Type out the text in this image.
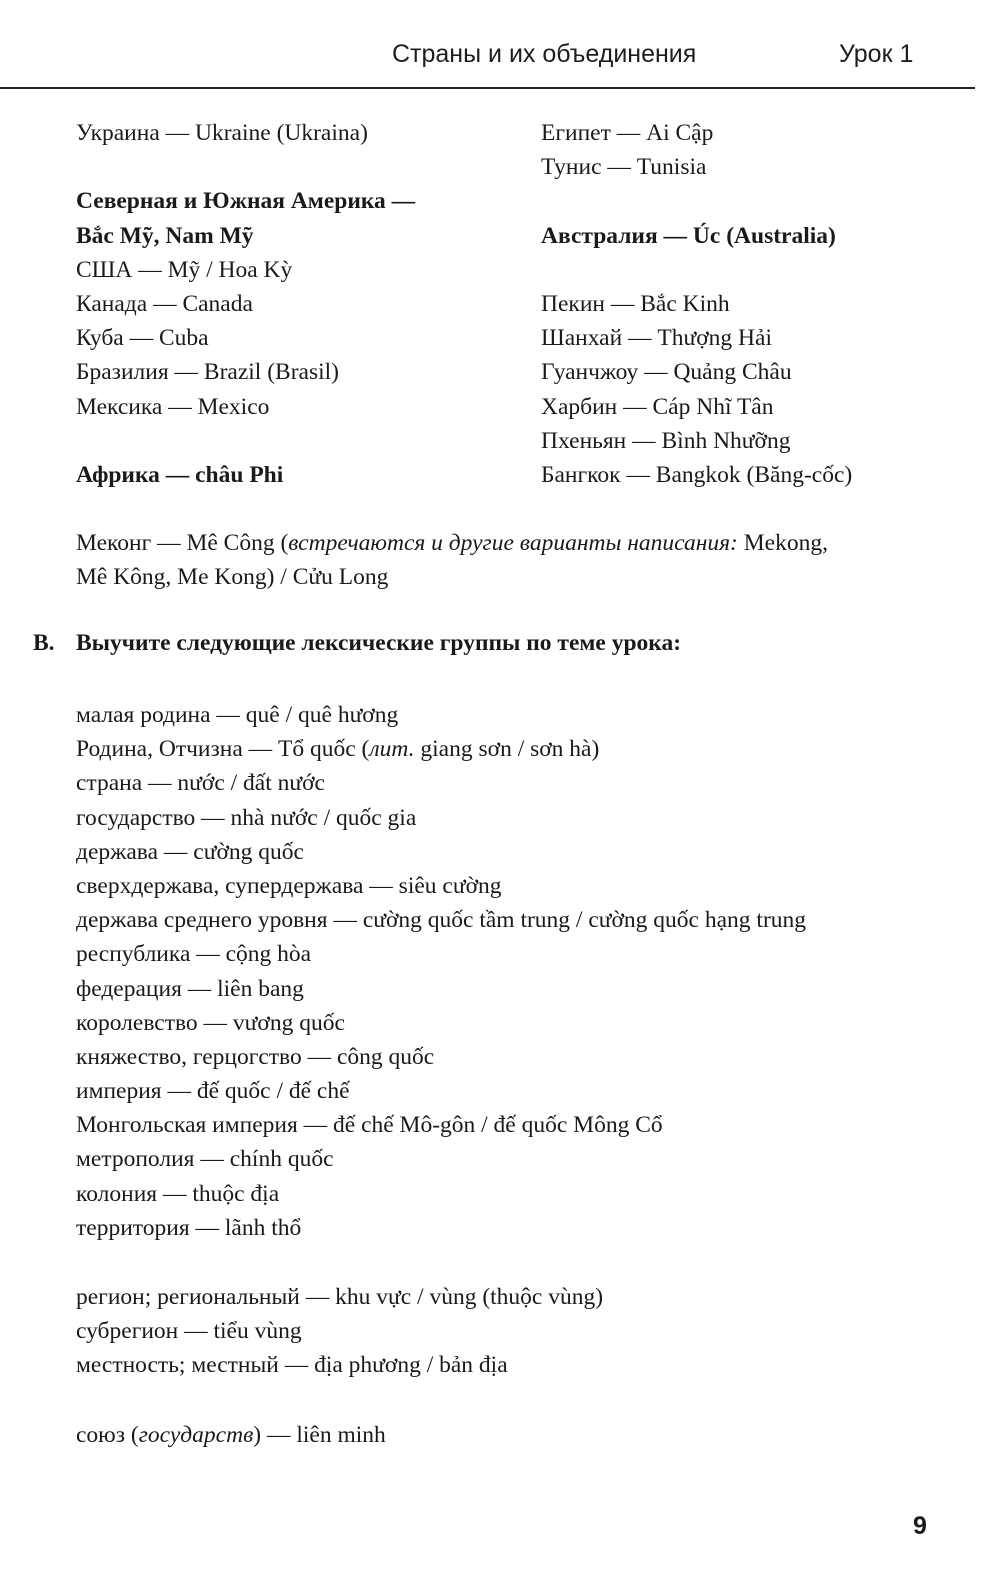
Страны и их объединения	Урок 1
Украина — Ukraine (Ukraina)
Северная и Южная Америка —
Bắc Mỹ, Nam Mỹ
США — Mỹ / Hoa Kỳ
Канада — Canada
Куба — Cuba
Бразилия — Brazil (Brasil)
Мексика — Mexico
Африка — châu Phi
Египет — Ai Cập
Тунис — Tunisia
Австралия — Úc (Australia)
Пекин — Bắc Kinh
Шанхай — Thượng Hải
Гуанчжоу — Quảng Châu
Харбин — Cáp Nhĩ Tân
Пхеньян — Bình Nhưỡng
Бангкок — Bangkok (Băng-cốc)
Меконг — Mê Công (встречаются и другие варианты написания: Mekong,
Mê Kông, Me Kong) / Cửu Long
B. Выучите следующие лексические группы по теме урока:
малая родина — quê / quê hương
Родина, Отчизна — Tổ quốc (лит. giang sơn / sơn hà)
страна — nước / đất nước
государство — nhà nước / quốc gia
держава — cường quốc
сверхдержава, супердержава — siêu cường
держава среднего уровня — cường quốc tầm trung / cường quốc hạng trung
республика — cộng hòa
федерация — liên bang
королевство — vương quốc
княжество, герцогство — công quốc
империя — đế quốc / đế chế
Монгольская империя — đế chế Mô-gôn / đế quốc Mông Cổ
метрополия — chính quốc
колония — thuộc địa
территория — lãnh thổ
регион; региональный — khu vực / vùng (thuộc vùng)
субрегион — tiểu vùng
местность; местный — địa phương / bản địa
союз (государств) — liên minh
9
